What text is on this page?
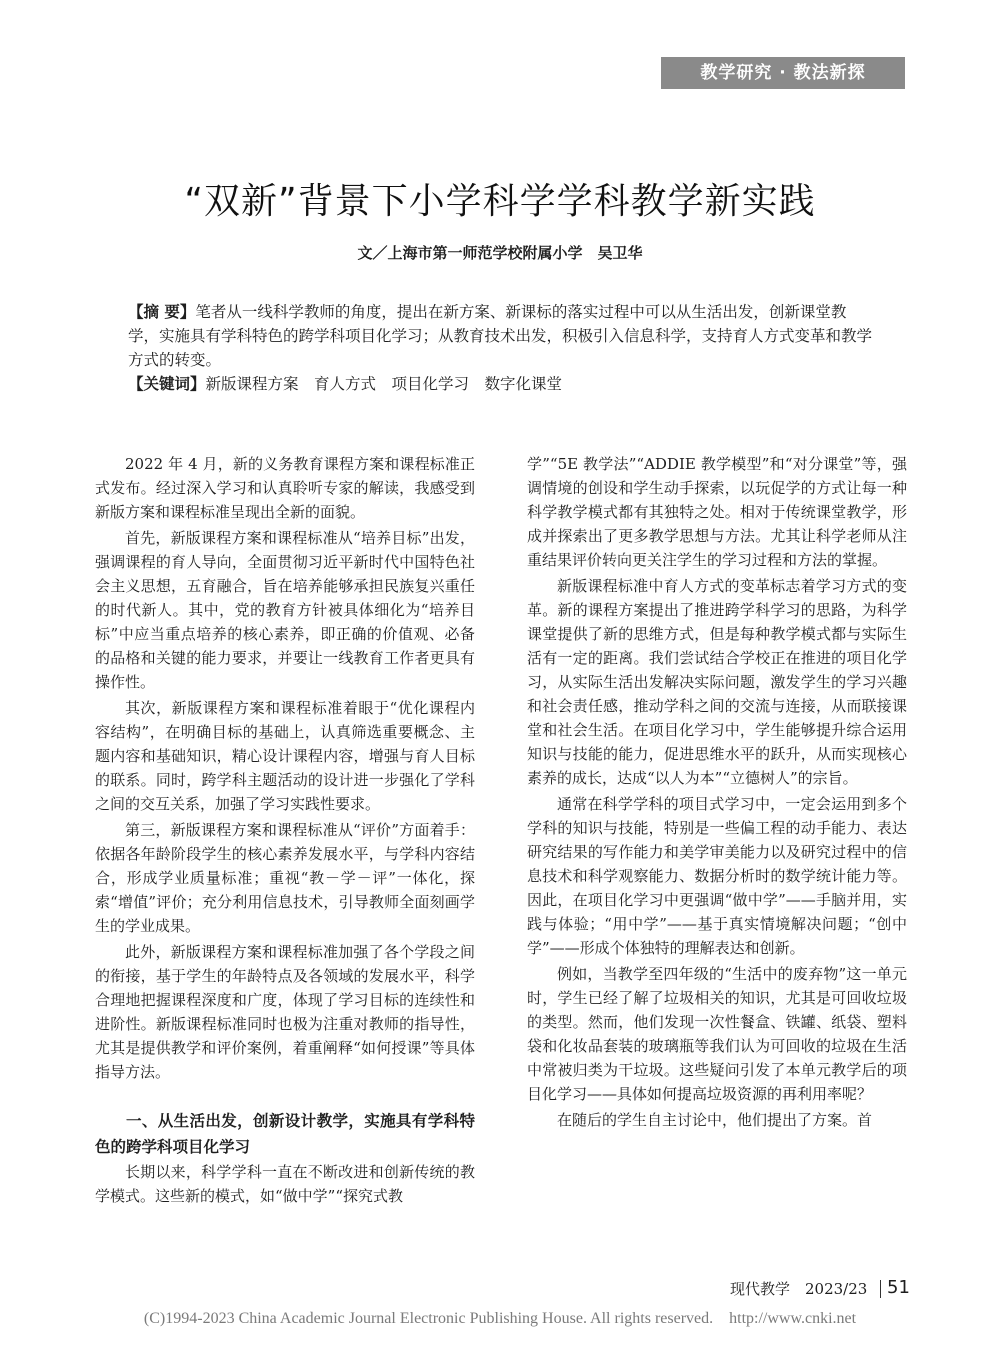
教学研究 · 教法新探
“双新”背景下小学科学学科教学新实践
文／上海市第一师范学校附属小学　吴卫华

【摘 要】笔者从一线科学教师的角度，提出在新方案、新课标的落实过程中可以从生活出发，创新课堂教学，实施具有学科特色的跨学科项目化学习；从教育技术出发，积极引入信息科学，支持育人方式变革和教学方式的转变。

【关键词】新版课程方案　育人方式　项目化学习　数字化课堂

2022 年 4 月，新的义务教育课程方案和课程标准正式发布。经过深入学习和认真聆听专家的解读，我感受到新版方案和课程标准呈现出全新的面貌。

首先，新版课程方案和课程标准从“培养目标”出发，强调课程的育人导向，全面贯彻习近平新时代中国特色社会主义思想，五育融合，旨在培养能够承担民族复兴重任的时代新人。其中，党的教育方针被具体细化为“培养目标”中应当重点培养的核心素养，即正确的价值观、必备的品格和关键的能力要求，并要让一线教育工作者更具有操作性。

其次，新版课程方案和课程标准着眼于“优化课程内容结构”，在明确目标的基础上，认真筛选重要概念、主题内容和基础知识，精心设计课程内容，增强与育人目标的联系。同时，跨学科主题活动的设计进一步强化了学科之间的交互关系，加强了学习实践性要求。

第三，新版课程方案和课程标准从“评价”方面着手：依据各年龄阶段学生的核心素养发展水平，与学科内容结合，形成学业质量标准；重视“教－学－评”一体化，探索“增值”评价；充分利用信息技术，引导教师全面刻画学生的学业成果。

此外，新版课程方案和课程标准加强了各个学段之间的衔接，基于学生的年龄特点及各领域的发展水平，科学合理地把握课程深度和广度，体现了学习目标的连续性和进阶性。新版课程标准同时也极为注重对教师的指导性，尤其是提供教学和评价案例，着重阐释“如何授课”等具体指导方法。

一、从生活出发，创新设计教学，实施具有学科特色的跨学科项目化学习

长期以来，科学学科一直在不断改进和创新传统的教学模式。这些新的模式，如“做中学”“探究式教

学”“5E 教学法”“ADDIE 教学模型”和“对分课堂”等，强调情境的创设和学生动手探索，以玩促学的方式让每一种科学教学模式都有其独特之处。相对于传统课堂教学，形成并探索出了更多教学思想与方法。尤其让科学老师从注重结果评价转向更关注学生的学习过程和方法的掌握。

新版课程标准中育人方式的变革标志着学习方式的变革。新的课程方案提出了推进跨学科学习的思路，为科学课堂提供了新的思维方式，但是每种教学模式都与实际生活有一定的距离。我们尝试结合学校正在推进的项目化学习，从实际生活出发解决实际问题，激发学生的学习兴趣和社会责任感，推动学科之间的交流与连接，从而联接课堂和社会生活。在项目化学习中，学生能够提升综合运用知识与技能的能力，促进思维水平的跃升，从而实现核心素养的成长，达成“以人为本”“立德树人”的宗旨。

通常在科学学科的项目式学习中，一定会运用到多个学科的知识与技能，特别是一些偏工程的动手能力、表达研究结果的写作能力和美学审美能力以及研究过程中的信息技术和科学观察能力、数据分析时的数学统计能力等。因此，在项目化学习中更强调“做中学”——手脑并用，实践与体验；“用中学”——基于真实情境解决问题；“创中学”——形成个体独特的理解表达和创新。

例如，当教学至四年级的“生活中的废弃物”这一单元时，学生已经了解了垃圾相关的知识，尤其是可回收垃圾的类型。然而，他们发现一次性餐盒、铁罐、纸袋、塑料袋和化妆品套装的玻璃瓶等我们认为可回收的垃圾在生活中常被归类为干垃圾。这些疑问引发了本单元教学后的项目化学习——具体如何提高垃圾资源的再利用率呢？

在随后的学生自主讨论中，他们提出了方案。首

现代教学　2023/23 51
(C)1994-2023 China Academic Journal Electronic Publishing House. All rights reserved.　http://www.cnki.net
